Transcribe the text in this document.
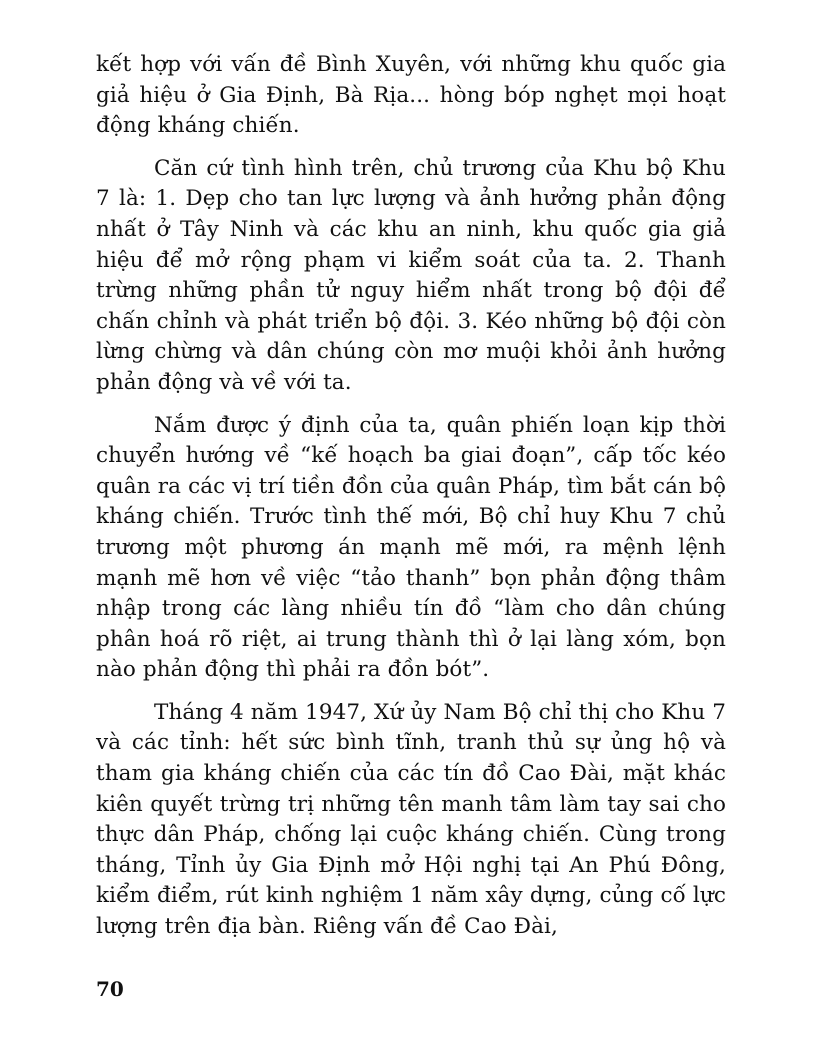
kết hợp với vấn đề Bình Xuyên, với những khu quốc gia giả hiệu ở Gia Định, Bà Rịa... hòng bóp nghẹt mọi hoạt động kháng chiến.

Căn cứ tình hình trên, chủ trương của Khu bộ Khu 7 là: 1. Dẹp cho tan lực lượng và ảnh hưởng phản động nhất ở Tây Ninh và các khu an ninh, khu quốc gia giả hiệu để mở rộng phạm vi kiểm soát của ta. 2. Thanh trừng những phần tử nguy hiểm nhất trong bộ đội để chấn chỉnh và phát triển bộ đội. 3. Kéo những bộ đội còn lừng chừng và dân chúng còn mơ muội khỏi ảnh hưởng phản động và về với ta.

Nắm được ý định của ta, quân phiến loạn kịp thời chuyển hướng về “kế hoạch ba giai đoạn”, cấp tốc kéo quân ra các vị trí tiền đồn của quân Pháp, tìm bắt cán bộ kháng chiến. Trước tình thế mới, Bộ chỉ huy Khu 7 chủ trương một phương án mạnh mẽ mới, ra mệnh lệnh mạnh mẽ hơn về việc “tảo thanh” bọn phản động thâm nhập trong các làng nhiều tín đồ “làm cho dân chúng phân hoá rõ riệt, ai trung thành thì ở lại làng xóm, bọn nào phản động thì phải ra đồn bót”.

Tháng 4 năm 1947, Xứ ủy Nam Bộ chỉ thị cho Khu 7 và các tỉnh: hết sức bình tĩnh, tranh thủ sự ủng hộ và tham gia kháng chiến của các tín đồ Cao Đài, mặt khác kiên quyết trừng trị những tên manh tâm làm tay sai cho thực dân Pháp, chống lại cuộc kháng chiến. Cùng trong tháng, Tỉnh ủy Gia Định mở Hội nghị tại An Phú Đông, kiểm điểm, rút kinh nghiệm 1 năm xây dựng, củng cố lực lượng trên địa bàn. Riêng vấn đề Cao Đài,

70
